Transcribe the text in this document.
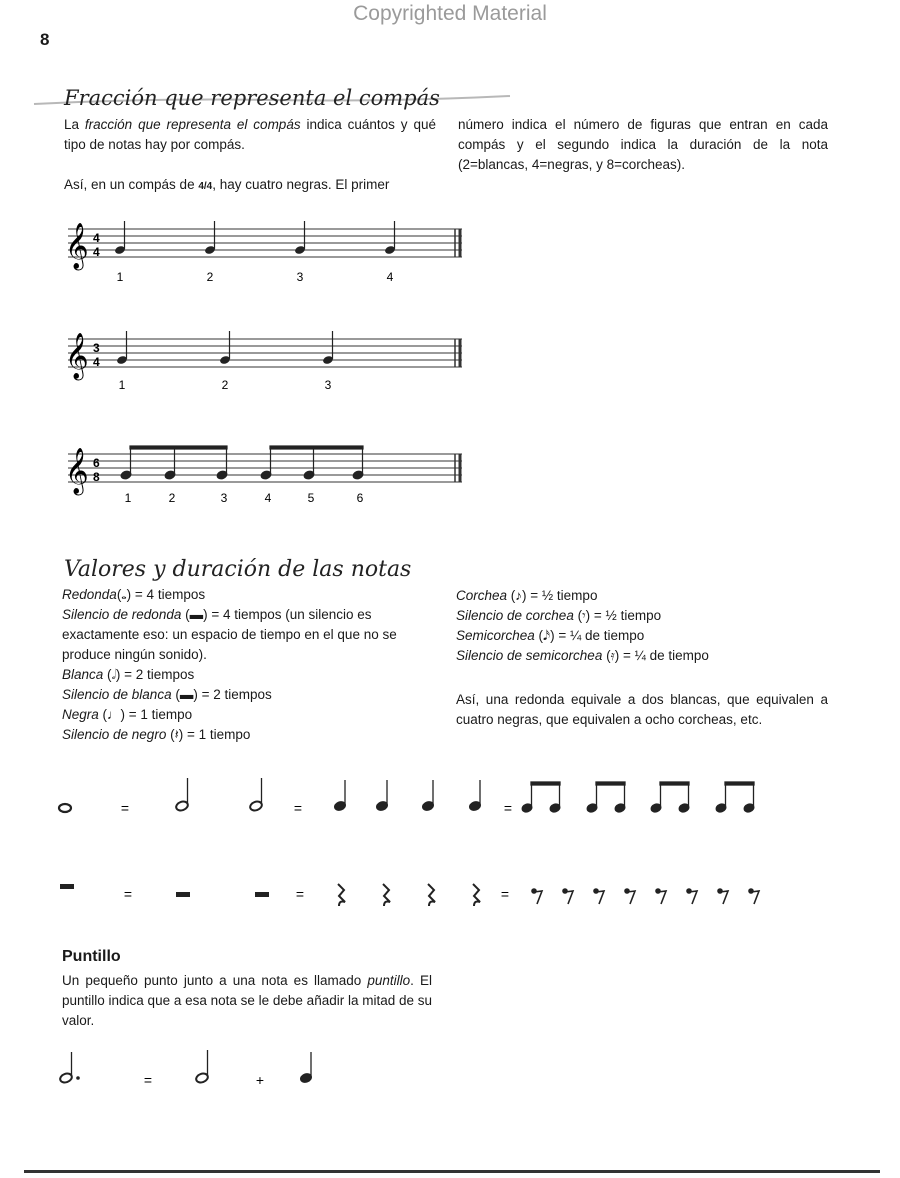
Copyrighted Material
8
Fracción que representa el compás
La fracción que representa el compás indica cuántos y qué tipo de notas hay por compás.
Así, en un compás de 4/4, hay cuatro negras. El primer
número indica el número de figuras que entran en cada compás y el segundo indica la duración de la nota (2=blancas, 4=negras, y 8=corcheas).
𝄞 4
4
1	2	3	4
𝄞 3
4
1	2	3
𝄞 6
8
1	2	3	4	5	6
Valores y duración de las notas
Redonda(𝅝) = 4 tiempos
Silencio de redonda (▬) = 4 tiempos (un silencio es
exactamente eso: un espacio de tiempo en el que no se
produce ningún sonido).
Blanca (𝅗𝅥) = 2 tiempos
Silencio de blanca (▬) = 2 tiempos
Negra (♩) = 1 tiempo
Silencio de negro (𝄽) = 1 tiempo
Corchea (♪) = ½ tiempo
Silencio de corchea (𝄾) = ½ tiempo
Semicorchea (𝅘𝅥𝅯) = ¼ de tiempo
Silencio de semicorchea (𝄿) = ¼ de tiempo
Así, una redonda equivale a dos blancas, que equivalen a cuatro negras, que equivalen a ocho corcheas, etc.
=	=	=
=	=	=
Puntillo
Un pequeño punto junto a una nota es llamado puntillo. El puntillo indica que a esa nota se le debe añadir la mitad de su valor.
=	+
